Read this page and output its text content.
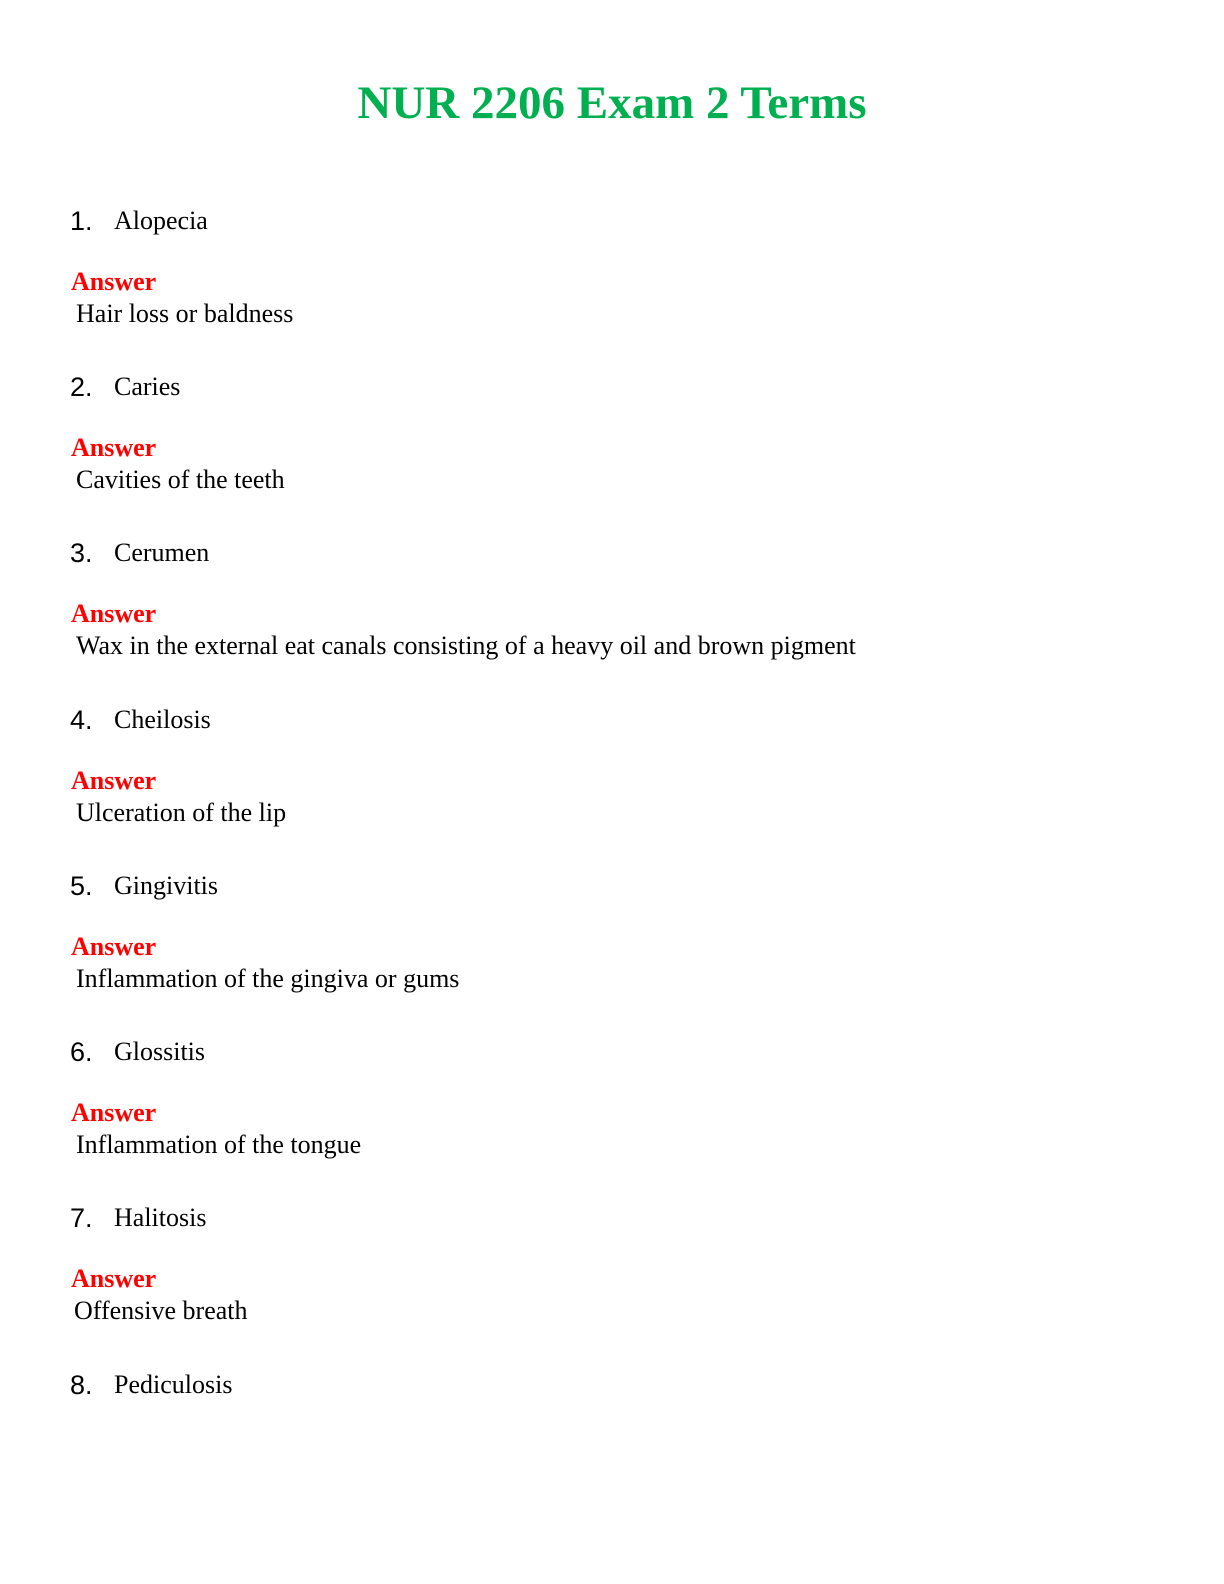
NUR 2206 Exam 2 Terms
1. Alopecia
Answer
Hair loss or baldness
2. Caries
Answer
Cavities of the teeth
3. Cerumen
Answer
Wax in the external eat canals consisting of a heavy oil and brown pigment
4. Cheilosis
Answer
Ulceration of the lip
5. Gingivitis
Answer
Inflammation of the gingiva or gums
6. Glossitis
Answer
Inflammation of the tongue
7. Halitosis
Answer
Offensive breath
8. Pediculosis
